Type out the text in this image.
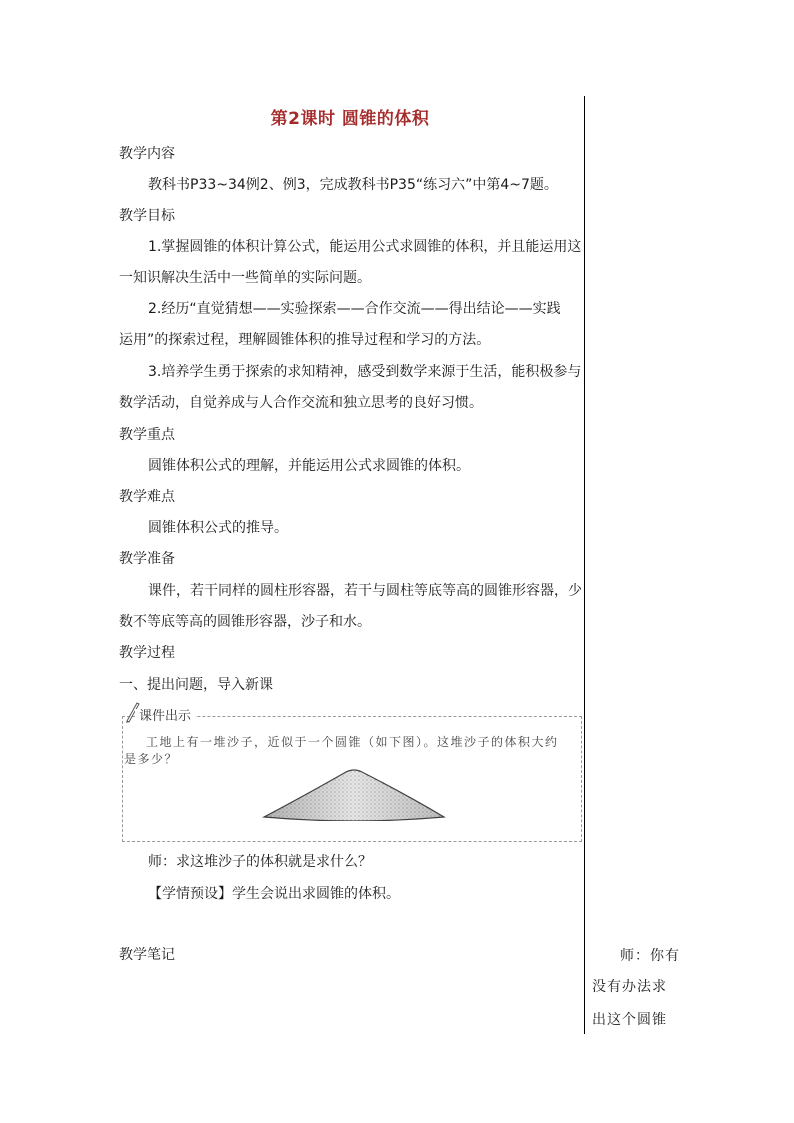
第2课时 圆锥的体积
教学内容
教科书P33~34例2、例3，完成教科书P35“练习六”中第4~7题。
教学目标
1.掌握圆锥的体积计算公式，能运用公式求圆锥的体积，并且能运用这
一知识解决生活中一些简单的实际问题。
2.经历“直觉猜想——实验探索——合作交流——得出结论——实践
运用”的探索过程，理解圆锥体积的推导过程和学习的方法。
3.培养学生勇于探索的求知精神，感受到数学来源于生活，能积极参与
数学活动，自觉养成与人合作交流和独立思考的良好习惯。
教学重点
圆锥体积公式的理解，并能运用公式求圆锥的体积。
教学难点
圆锥体积公式的推导。
教学准备
课件，若干同样的圆柱形容器，若干与圆柱等底等高的圆锥形容器，少
数不等底等高的圆锥形容器，沙子和水。
教学过程
一、提出问题，导入新课
课件出示
工地上有一堆沙子，近似于一个圆锥（如下图）。这堆沙子的体积大约
是多少？
师：求这堆沙子的体积就是求什么？
【学情预设】学生会说出求圆锥的体积。
教学笔记	师：你有
没有办法求
出这个圆锥
